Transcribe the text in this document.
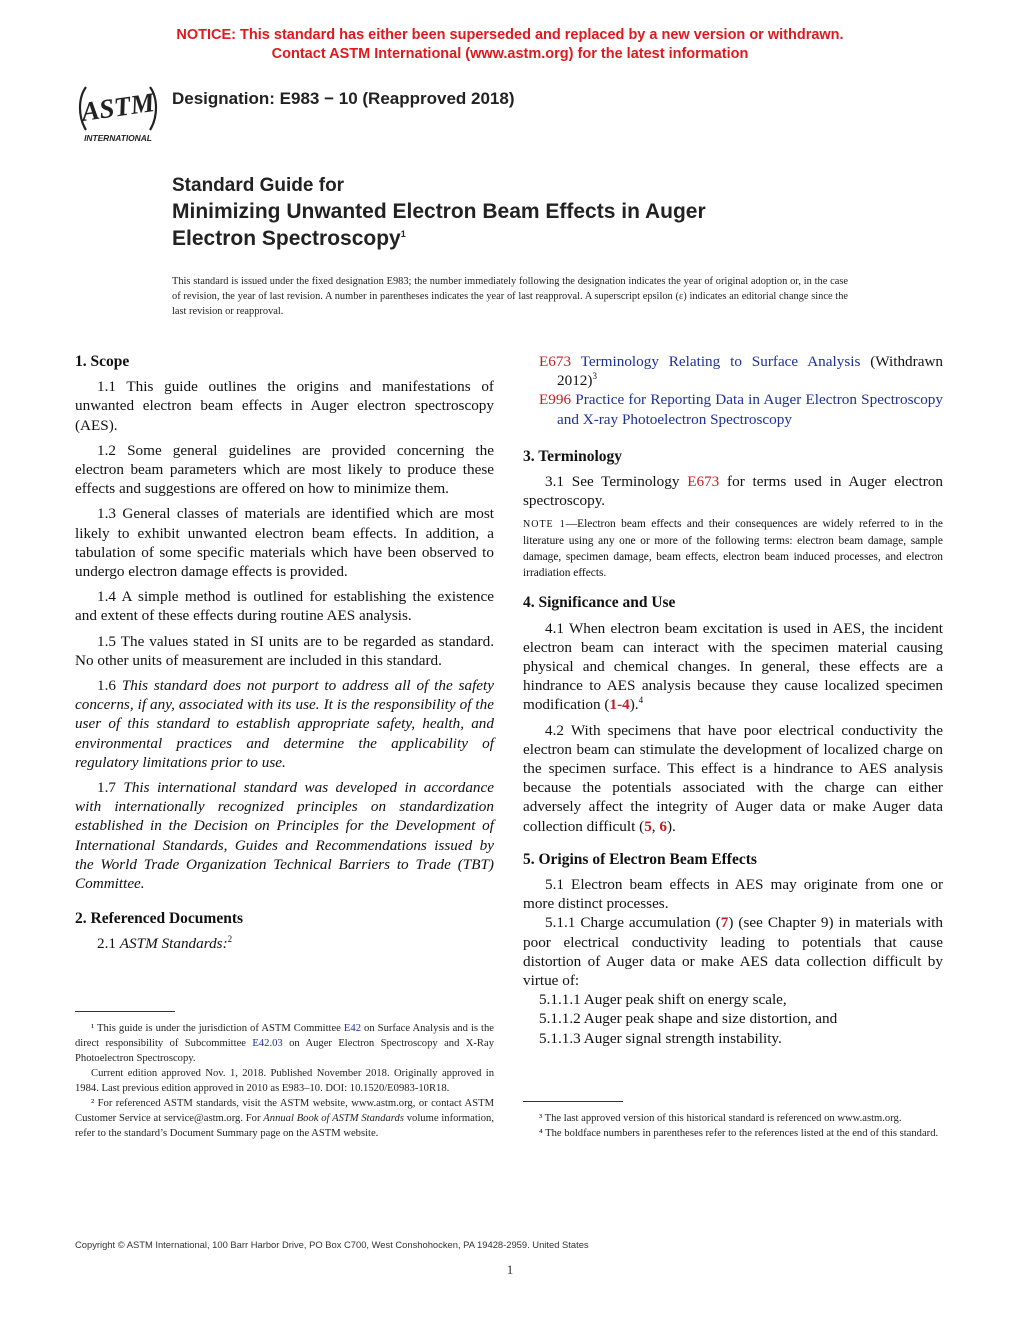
NOTICE: This standard has either been superseded and replaced by a new version or withdrawn.
Contact ASTM International (www.astm.org) for the latest information
ASTM
INTERNATIONAL
Designation: E983 − 10 (Reapproved 2018)
Standard Guide for
Minimizing Unwanted Electron Beam Effects in Auger
Electron Spectroscopy$^1$
This standard is issued under the fixed designation E983; the number immediately following the designation indicates the year of original adoption or, in the case of revision, the year of last revision. A number in parentheses indicates the year of last reapproval. A superscript epsilon (ε) indicates an editorial change since the last revision or reapproval.
1. Scope

1.1 This guide outlines the origins and manifestations of unwanted electron beam effects in Auger electron spectroscopy (AES).

1.2 Some general guidelines are provided concerning the electron beam parameters which are most likely to produce these effects and suggestions are offered on how to minimize them.

1.3 General classes of materials are identified which are most likely to exhibit unwanted electron beam effects. In addition, a tabulation of some specific materials which have been observed to undergo electron damage effects is provided.

1.4 A simple method is outlined for establishing the existence and extent of these effects during routine AES analysis.

1.5 The values stated in SI units are to be regarded as standard. No other units of measurement are included in this standard.

1.6 This standard does not purport to address all of the safety concerns, if any, associated with its use. It is the responsibility of the user of this standard to establish appropriate safety, health, and environmental practices and determine the applicability of regulatory limitations prior to use.

1.7 This international standard was developed in accordance with internationally recognized principles on standardization established in the Decision on Principles for the Development of International Standards, Guides and Recommendations issued by the World Trade Organization Technical Barriers to Trade (TBT) Committee.

2. Referenced Documents

2.1 ASTM Standards:$^2$

¹ This guide is under the jurisdiction of ASTM Committee E42 on Surface Analysis and is the direct responsibility of Subcommittee E42.03 on Auger Electron Spectroscopy and X-Ray Photoelectron Spectroscopy.

Current edition approved Nov. 1, 2018. Published November 2018. Originally approved in 1984. Last previous edition approved in 2010 as E983–10. DOI: 10.1520/E0983-10R18.

² For referenced ASTM standards, visit the ASTM website, www.astm.org, or contact ASTM Customer Service at service@astm.org. For Annual Book of ASTM Standards volume information, refer to the standard’s Document Summary page on the ASTM website.

E673 Terminology Relating to Surface Analysis (Withdrawn 2012)$^3$

E996 Practice for Reporting Data in Auger Electron Spectroscopy and X-ray Photoelectron Spectroscopy

3. Terminology

3.1 See Terminology E673 for terms used in Auger electron spectroscopy.

NOTE 1—Electron beam effects and their consequences are widely referred to in the literature using any one or more of the following terms: electron beam damage, sample damage, specimen damage, beam effects, electron beam induced processes, and electron irradiation effects.

4. Significance and Use

4.1 When electron beam excitation is used in AES, the incident electron beam can interact with the specimen material causing physical and chemical changes. In general, these effects are a hindrance to AES analysis because they cause localized specimen modification (1-4).$^4$

4.2 With specimens that have poor electrical conductivity the electron beam can stimulate the development of localized charge on the specimen surface. This effect is a hindrance to AES analysis because the potentials associated with the charge can either adversely affect the integrity of Auger data or make Auger data collection difficult (5, 6).

5. Origins of Electron Beam Effects

5.1 Electron beam effects in AES may originate from one or more distinct processes.

5.1.1 Charge accumulation (7) (see Chapter 9) in materials with poor electrical conductivity leading to potentials that cause distortion of Auger data or make AES data collection difficult by virtue of:

5.1.1.1 Auger peak shift on energy scale,

5.1.1.2 Auger peak shape and size distortion, and

5.1.1.3 Auger signal strength instability.

³ The last approved version of this historical standard is referenced on www.astm.org.

⁴ The boldface numbers in parentheses refer to the references listed at the end of this standard.

Copyright © ASTM International, 100 Barr Harbor Drive, PO Box C700, West Conshohocken, PA 19428-2959. United States
1
